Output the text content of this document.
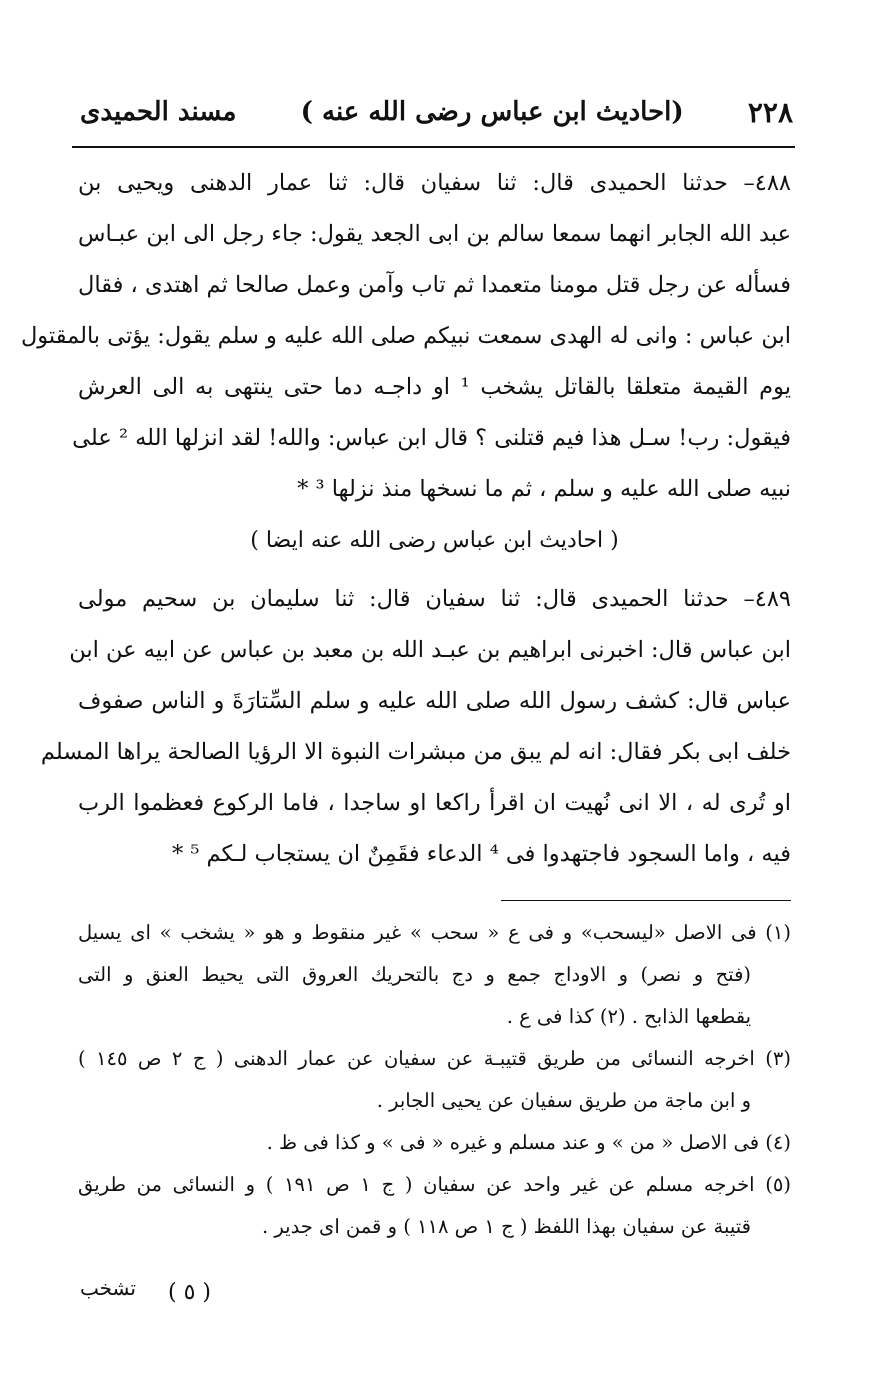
٢٢٨
(احاديث ابن عباس رضى الله عنه )
مسند الحميدى
٤٨٨– حدثنا الحميدى قال: ثنا سفيان قال: ثنا عمار الدهنى ويحيى بن
عبد الله الجابر انهما سمعا سالم بن ابى الجعد يقول: جاء رجل الى ابن عبـاس
فسأله عن رجل قتل مومنا متعمدا ثم تاب وآمن وعمل صالحا ثم اهتدى ، فقال
ابن عباس : وانى له الهدى سمعت نبيكم صلى الله عليه و سلم يقول: يؤتى بالمقتول
يوم القيمة متعلقا بالقاتل يشخب ¹ او داجـه دما حتى ينتهى به الى العرش
فيقول: رب! سـل هذا فيم قتلنى ؟ قال ابن عباس: والله! لقد انزلها الله ² على
نبيه صلى الله عليه و سلم ، ثم ما نسخها منذ نزلها ³ *
( احاديث ابن عباس رضى الله عنه ايضا )
٤٨٩– حدثنا الحميدى قال: ثنا سفيان قال: ثنا سليمان بن سحيم مولى
ابن عباس قال: اخبرنى ابراهيم بن عبـد الله بن معبد بن عباس عن ابيه عن ابن
عباس قال: كشف رسول الله صلى الله عليه و سلم السِّتارَةَ و الناس صفوف
خلف ابى بكر فقال: انه لم يبق من مبشرات النبوة الا الرؤيا الصالحة يراها المسلم
او تُرى له ، الا انى نُهيت ان اقرأ راكعا او ساجدا ، فاما الركوع فعظموا الرب
فيه ، واما السجود فاجتهدوا فى ⁴ الدعاء فقَمِنٌ ان يستجاب لـكم ⁵ *
(١) فى الاصل «ليسحب» و فى ع « سحب » غير منقوط و هو « يشخب » اى يسيل
(فتح و نصر) و الاوداج جمع و دج بالتحريك العروق التى يحيط العنق و التى
يقطعها الذابح . (٢) كذا فى ع .
(٣) اخرجه النسائى من طريق قتيبـة عن سفيان عن عمار الدهنى ( ج ٢ ص ١٤٥ )
و ابن ماجة من طريق سفيان عن يحيى الجابر .
(٤) فى الاصل « من » و عند مسلم و غيره « فى » و كذا فى ظ .
(٥) اخرجه مسلم عن غير واحد عن سفيان ( ج ١ ص ١٩١ ) و النسائى من طريق
قتيبة عن سفيان بهذا اللفظ ( ج ١ ص ١١٨ ) و قمن اى جدير .
( ٥ )
تشخب
